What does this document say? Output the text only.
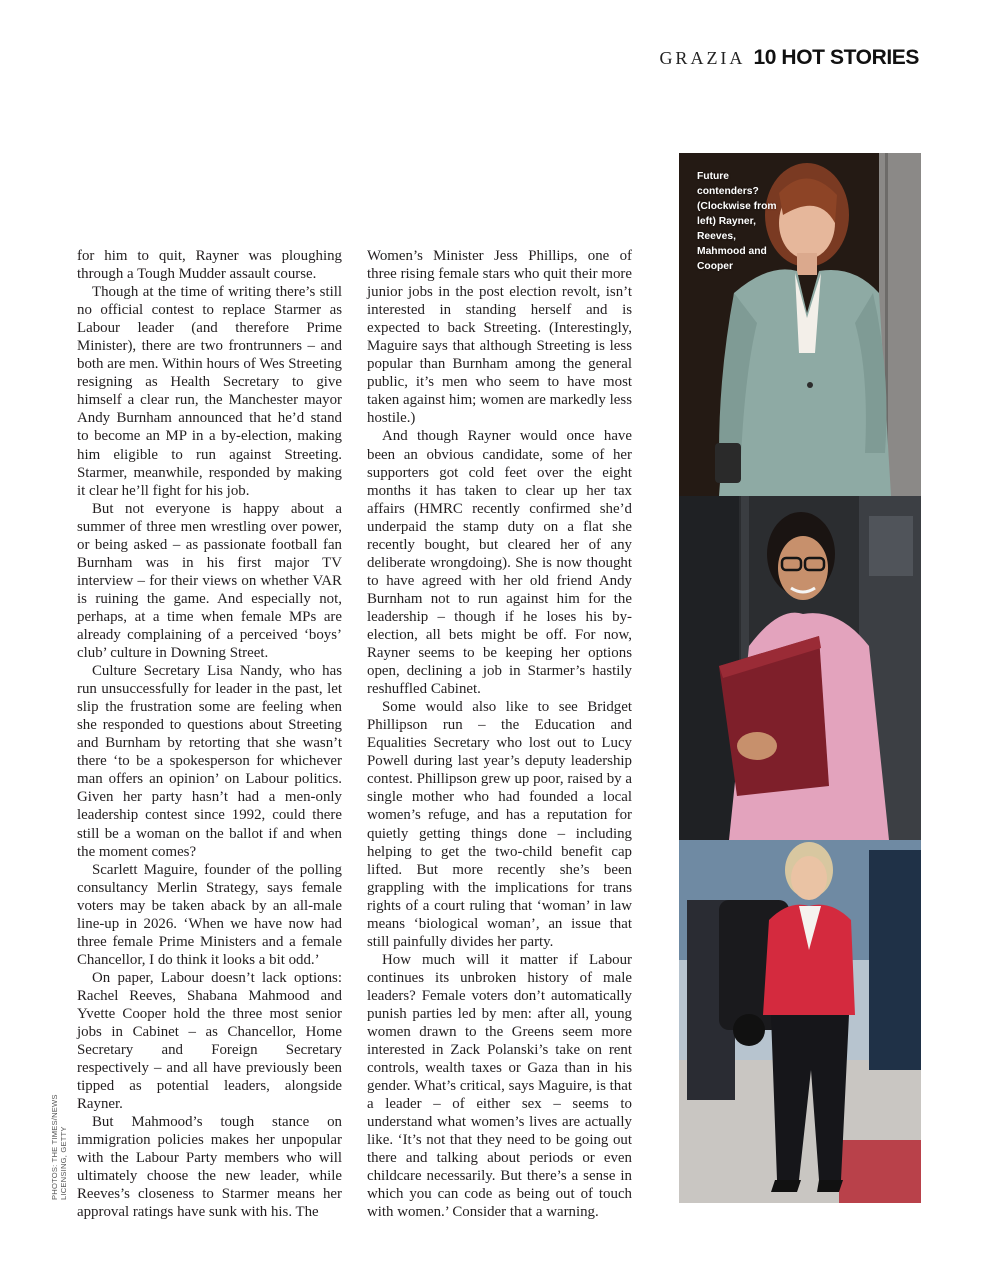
GRAZIA 10 HOT STORIES

for him to quit, Rayner was ploughing through a Tough Mudder assault course.

Though at the time of writing there’s still no official contest to replace Starmer as Labour leader (and therefore Prime Minister), there are two frontrunners – and both are men. Within hours of Wes Streeting resigning as Health Secretary to give himself a clear run, the Manchester mayor Andy Burnham announced that he’d stand to become an MP in a by-election, making him eligible to run against Streeting. Starmer, meanwhile, responded by making it clear he’ll fight for his job.

But not everyone is happy about a summer of three men wrestling over power, or being asked – as passionate football fan Burnham was in his first major TV interview – for their views on whether VAR is ruining the game. And especially not, perhaps, at a time when female MPs are already complaining of a perceived ‘boys’ club’ culture in Downing Street.

Culture Secretary Lisa Nandy, who has run unsuccessfully for leader in the past, let slip the frustration some are feeling when she responded to questions about Streeting and Burnham by retorting that she wasn’t there ‘to be a spokesperson for whichever man offers an opinion’ on Labour politics. Given her party hasn’t had a men-only leadership contest since 1992, could there still be a woman on the ballot if and when the moment comes?

Scarlett Maguire, founder of the polling consultancy Merlin Strategy, says female voters may be taken aback by an all-male line-up in 2026. ‘When we have now had three female Prime Ministers and a female Chancellor, I do think it looks a bit odd.’

On paper, Labour doesn’t lack options: Rachel Reeves, Shabana Mahmood and Yvette Cooper hold the three most senior jobs in Cabinet – as Chancellor, Home Secretary and Foreign Secretary respectively – and all have previously been tipped as potential leaders, alongside Rayner.

But Mahmood’s tough stance on immigration policies makes her unpopular with the Labour Party members who will ultimately choose the new leader, while Reeves’s closeness to Starmer means her approval ratings have sunk with his. The

Women’s Minister Jess Phillips, one of three rising female stars who quit their more junior jobs in the post election revolt, isn’t interested in standing herself and is expected to back Streeting. (Interestingly, Maguire says that although Streeting is less popular than Burnham among the general public, it’s men who seem to have most taken against him; women are markedly less hostile.)

And though Rayner would once have been an obvious candidate, some of her supporters got cold feet over the eight months it has taken to clear up her tax affairs (HMRC recently confirmed she’d underpaid the stamp duty on a flat she recently bought, but cleared her of any deliberate wrongdoing). She is now thought to have agreed with her old friend Andy Burnham not to run against him for the leadership – though if he loses his by-election, all bets might be off. For now, Rayner seems to be keeping her options open, declining a job in Starmer’s hastily reshuffled Cabinet.

Some would also like to see Bridget Phillipson run – the Education and Equalities Secretary who lost out to Lucy Powell during last year’s deputy leadership contest. Phillipson grew up poor, raised by a single mother who had founded a local women’s refuge, and has a reputation for quietly getting things done – including helping to get the two-child benefit cap lifted. But more recently she’s been grappling with the implications for trans rights of a court ruling that ‘woman’ in law means ‘biological woman’, an issue that still painfully divides her party.

How much will it matter if Labour continues its unbroken history of male leaders? Female voters don’t automatically punish parties led by men: after all, young women drawn to the Greens seem more interested in Zack Polanski’s take on rent controls, wealth taxes or Gaza than in his gender. What’s critical, says Maguire, is that a leader – of either sex – seems to understand what women’s lives are actually like. ‘It’s not that they need to be going out there and talking about periods or even childcare necessarily. But there’s a sense in which you can code as being out of touch with women.’ Consider that a warning.

PHOTOS: THE TIMES/NEWS LICENSING, GETTY
Future contenders? (Clockwise from left) Rayner, Reeves, Mahmood and Cooper
